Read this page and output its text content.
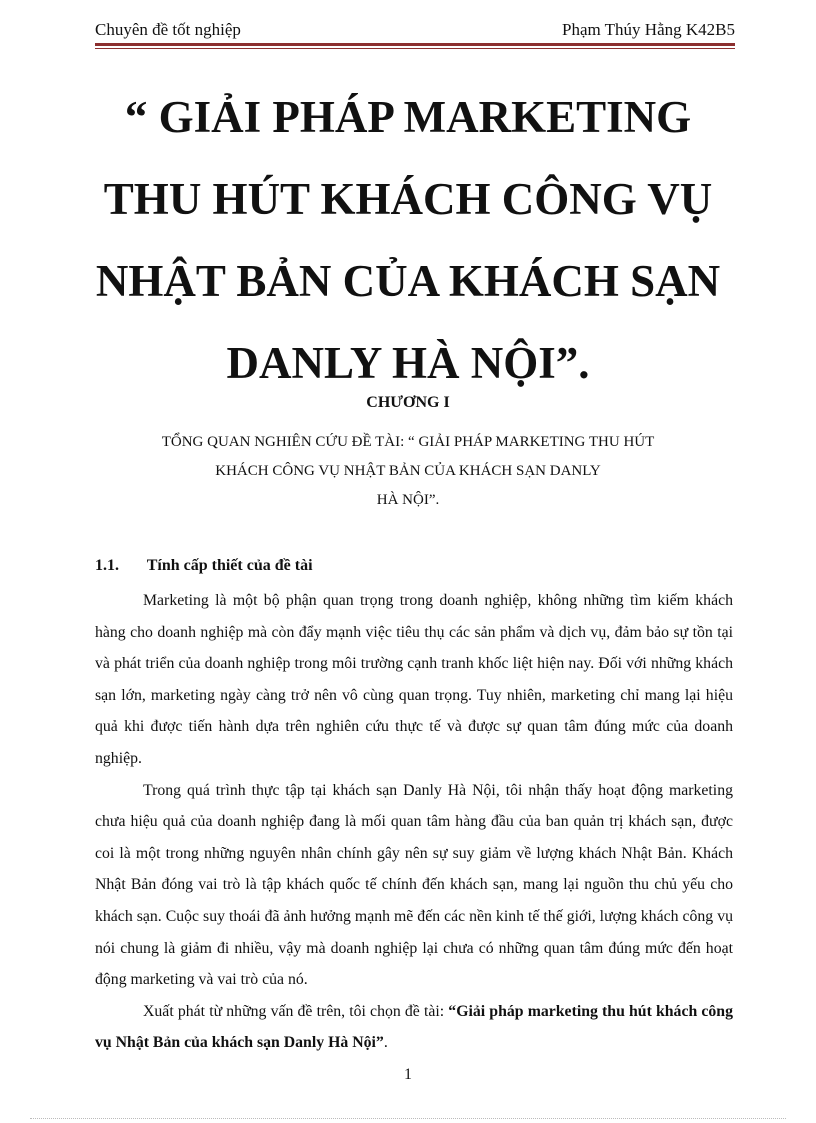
Chuyên đề tốt nghiệp	Phạm Thúy Hằng K42B5
“ GIẢI PHÁP MARKETING
THU HÚT KHÁCH CÔNG VỤ
NHẬT BẢN CỦA KHÁCH SẠN
DANLY HÀ NỘI”.
CHƯƠNG I
TỔNG QUAN NGHIÊN CỨU ĐỀ TÀI: “ GIẢI PHÁP MARKETING THU HÚT
KHÁCH CÔNG VỤ NHẬT BẢN CỦA KHÁCH SẠN DANLY
HÀ NỘI”.
1.1. Tính cấp thiết của đề tài

Marketing là một bộ phận quan trọng trong doanh nghiệp, không những tìm kiếm khách hàng cho doanh nghiệp mà còn đẩy mạnh việc tiêu thụ các sản phẩm và dịch vụ, đảm bảo sự tồn tại và phát triển của doanh nghiệp trong môi trường cạnh tranh khốc liệt hiện nay. Đối với những khách sạn lớn, marketing ngày càng trở nên vô cùng quan trọng. Tuy nhiên, marketing chỉ mang lại hiệu quả khi được tiến hành dựa trên nghiên cứu thực tế và được sự quan tâm đúng mức của doanh nghiệp.

Trong quá trình thực tập tại khách sạn Danly Hà Nội, tôi nhận thấy hoạt động marketing chưa hiệu quả của doanh nghiệp đang là mối quan tâm hàng đầu của ban quản trị khách sạn, được coi là một trong những nguyên nhân chính gây nên sự suy giảm về lượng khách Nhật Bản. Khách Nhật Bản đóng vai trò là tập khách quốc tế chính đến khách sạn, mang lại nguồn thu chủ yếu cho khách sạn. Cuộc suy thoái đã ảnh hưởng mạnh mẽ đến các nền kinh tế thế giới, lượng khách công vụ nói chung là giảm đi nhiều, vậy mà doanh nghiệp lại chưa có những quan tâm đúng mức đến hoạt động marketing và vai trò của nó.

Xuất phát từ những vấn đề trên, tôi chọn đề tài: “Giải pháp marketing thu hút khách công vụ Nhật Bản của khách sạn Danly Hà Nội”.

1
